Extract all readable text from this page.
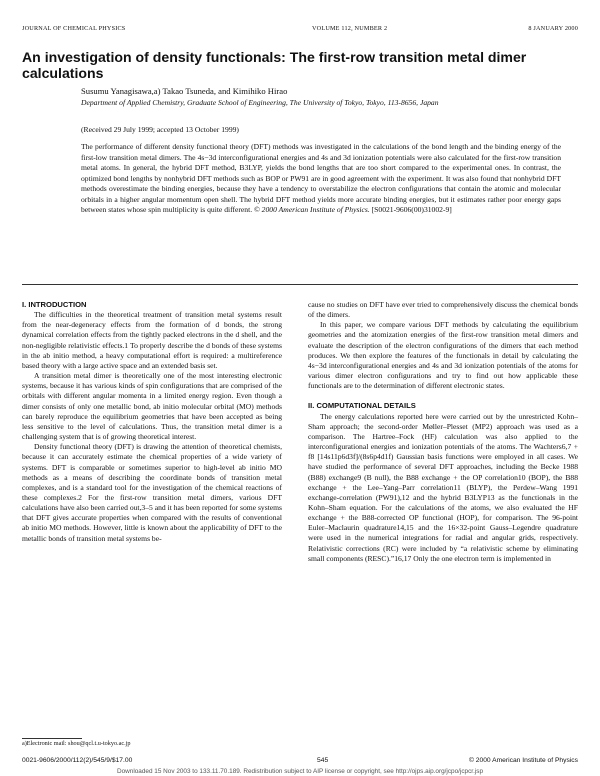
JOURNAL OF CHEMICAL PHYSICS	VOLUME 112, NUMBER 2	8 JANUARY 2000
An investigation of density functionals: The first-row transition metal dimer calculations

Susumu Yanagisawa,a) Takao Tsuneda, and Kimihiko Hirao

Department of Applied Chemistry, Graduate School of Engineering, The University of Tokyo, Tokyo, 113-8656, Japan

(Received 29 July 1999; accepted 13 October 1999)

The performance of different density functional theory (DFT) methods was investigated in the calculations of the bond length and the binding energy of the first-low transition metal dimers. The 4s−3d interconfigurational energies and 4s and 3d ionization potentials were also calculated for the first-row transition metal atoms. In general, the hybrid DFT method, B3LYP, yields the bond lengths that are too short compared to the experimental ones. In contrast, the optimized bond lengths by nonhybrid DFT methods such as BOP or PW91 are in good agreement with the experiment. It was also found that nonhybrid DFT methods overestimate the binding energies, because they have a tendency to overstabilize the electron configurations that contain the atomic and molecular orbitals in a higher angular momentum open shell. The hybrid DFT method yields more accurate binding energies, but it estimates rather poor energy gaps between states whose spin multiplicity is quite different. © 2000 American Institute of Physics. [S0021-9606(00)31002-9]

I. INTRODUCTION

The difficulties in the theoretical treatment of transition metal systems result from the near-degeneracy effects from the formation of d bonds, the strong dynamical correlation effects from the tightly packed electrons in the d shell, and the non-negligible relativistic effects.1 To properly describe the d bonds of these systems in the ab initio method, a heavy computational effort is required: a multireference based theory with a large active space and an extended basis set.

A transition metal dimer is theoretically one of the most interesting electronic systems, because it has various kinds of spin configurations that are comprised of the orbitals with different angular momenta in a limited energy region. Even though a dimer consists of only one metallic bond, ab initio molecular orbital (MO) methods can barely reproduce the equilibrium geometries that have been accepted as being less sensitive to the level of calculations. Thus, the transition metal dimer is a challenging system that is of growing theoretical interest.

Density functional theory (DFT) is drawing the attention of theoretical chemists, because it can accurately estimate the chemical properties of a wide variety of systems. DFT is comparable or sometimes superior to high-level ab initio MO methods as a means of describing the coordinate bonds of transition metal complexes, and is a standard tool for the investigation of the chemical reactions of these complexes.2 For the first-row transition metal dimers, various DFT calculations have also been carried out,3–5 and it has been reported for some systems that DFT gives accurate properties when compared with the results of conventional ab initio MO methods. However, little is known about the applicability of DFT to the metallic bonds of transition metal systems be-

cause no studies on DFT have ever tried to comprehensively discuss the chemical bonds of the dimers.

In this paper, we compare various DFT methods by calculating the equilibrium geometries and the atomization energies of the first-row transition metal dimers and evaluate the description of the electron configurations of the dimers that each method produces. We then explore the features of the functionals in detail by calculating the 4s−3d interconfigurational energies and 4s and 3d ionization potentials of the atoms for various dimer electron configurations and try to find out how applicable these functionals are to the determination of different electronic states.

II. COMPUTATIONAL DETAILS

The energy calculations reported here were carried out by the unrestricted Kohn–Sham approach; the second-order Møller–Plesset (MP2) approach was used as a comparison. The Hartree–Fock (HF) calculation was also applied to the interconfigurational energies and ionization potentials of the atoms. The Wachters6,7 + f8 [14s11p6d3f]/(8s6p4d1f) Gaussian basis functions were employed in all cases. We have studied the performance of several DFT approaches, including the Becke 1988 (B88) exchange9 (B null), the B88 exchange + the OP correlation10 (BOP), the B88 exchange + the Lee–Yang–Parr correlation11 (BLYP), the Perdew–Wang 1991 exchange-correlation (PW91),12 and the hybrid B3LYP13 as the functionals in the Kohn–Sham equation. For the calculations of the atoms, we also evaluated the HF exchange + the B88-corrected OP functional (HOP), for comparison. The 96-point Euler–Maclaurin quadrature14,15 and the 16×32-point Gauss–Legendre quadrature were used in the numerical integrations for radial and angular grids, respectively. Relativistic corrections (RC) were included by “a relativistic scheme by eliminating small components (RESC).”16,17 Only the one electron term is implemented in

a)Electronic mail: shou@qcl.t.u-tokyo.ac.jp

0021-9606/2000/112(2)/545/9/$17.00	545	© 2000 American Institute of Physics

Downloaded 15 Nov 2003 to 133.11.70.189. Redistribution subject to AIP license or copyright, see http://ojps.aip.org/jcpo/jcpcr.jsp
